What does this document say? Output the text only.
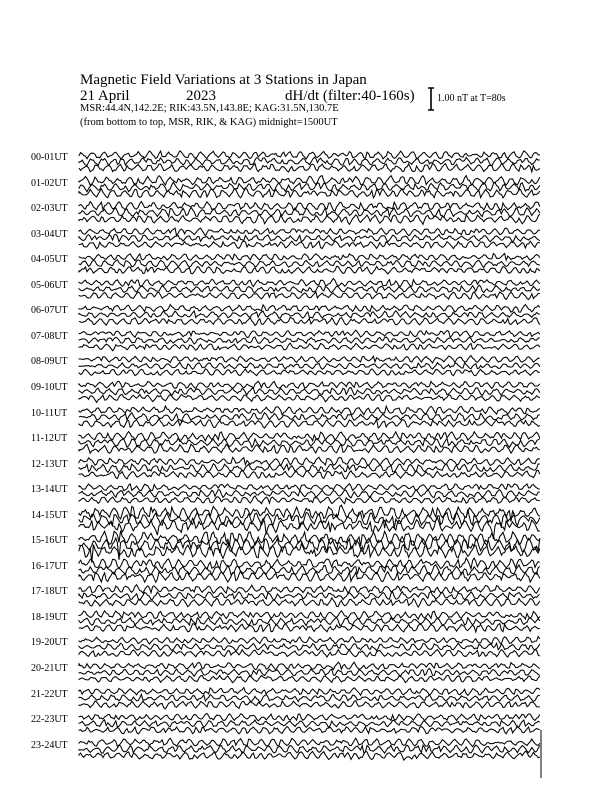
Magnetic Field Variations at 3 Stations in Japan
21 April	2023	dH/dt (filter:40-160s)
MSR:44.4N,142.2E; RIK:43.5N,143.8E; KAG:31.5N,130.7E
(from bottom to top, MSR, RIK, & KAG) midnight=1500UT
1.00 nT at T=80s
00-01UT
01-02UT
02-03UT
03-04UT
04-05UT
05-06UT
06-07UT
07-08UT
08-09UT
09-10UT
10-11UT
11-12UT
12-13UT
13-14UT
14-15UT
15-16UT
16-17UT
17-18UT
18-19UT
19-20UT
20-21UT
21-22UT
22-23UT
23-24UT
